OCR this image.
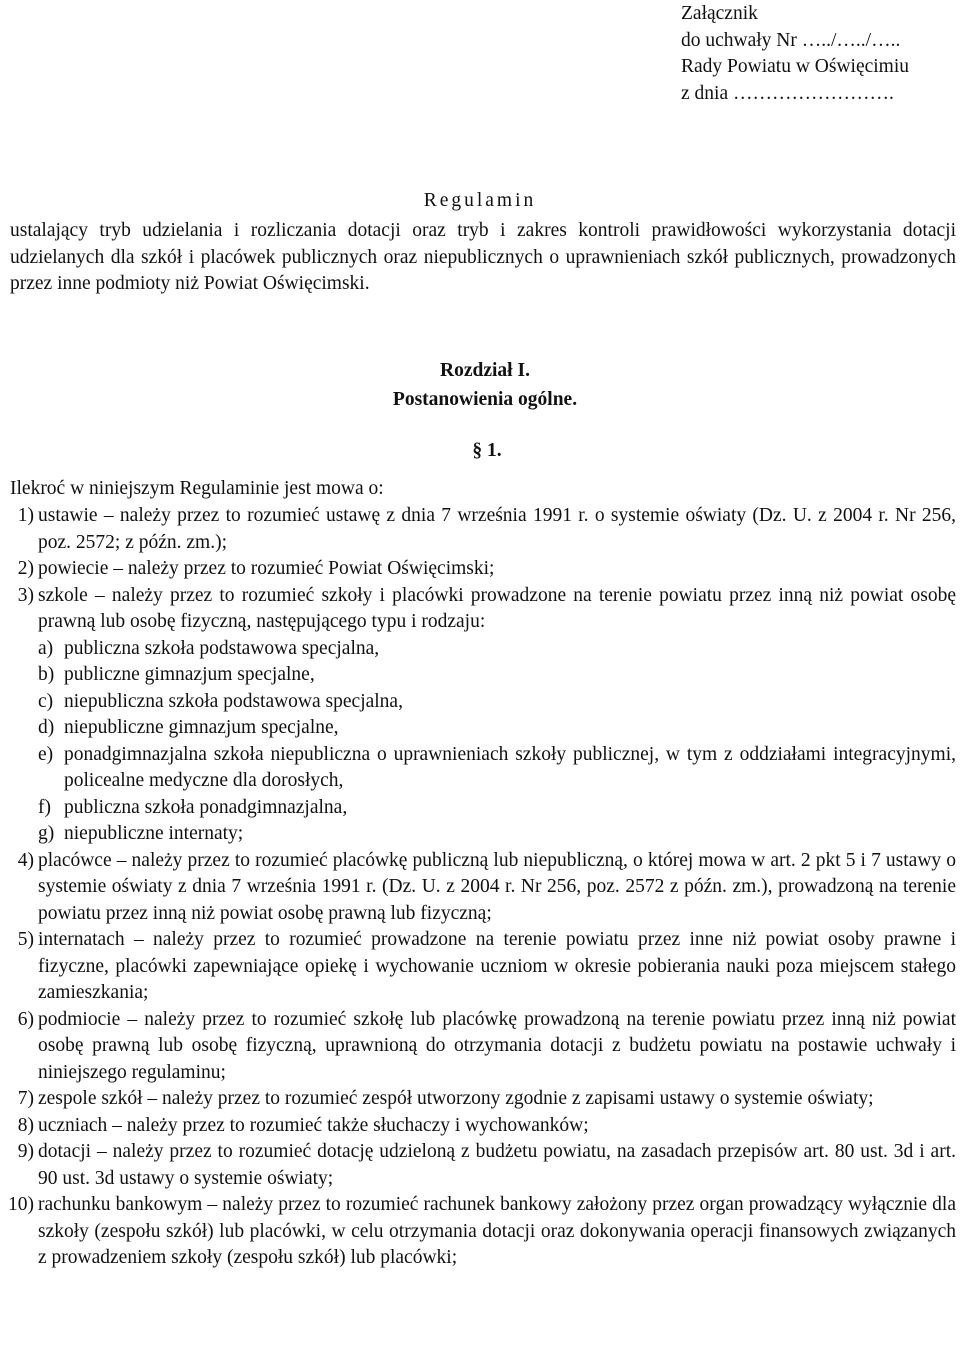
Załącznik
do uchwały Nr …../…../…..
Rady Powiatu w Oświęcimiu
z dnia …………………….
Regulamin
ustalający tryb udzielania i rozliczania dotacji oraz tryb i zakres kontroli prawidłowości wykorzystania dotacji udzielanych dla szkół i placówek publicznych oraz niepublicznych o uprawnieniach szkół publicznych, prowadzonych przez inne podmioty niż Powiat Oświęcimski.
Rozdział I.
Postanowienia ogólne.
§ 1.
Ilekroć w niniejszym Regulaminie jest mowa o:
1) ustawie – należy przez to rozumieć ustawę z dnia 7 września 1991 r. o systemie oświaty (Dz. U. z 2004 r. Nr 256, poz. 2572; z późn. zm.);
2) powiecie – należy przez to rozumieć Powiat Oświęcimski;
3) szkole – należy przez to rozumieć szkoły i placówki prowadzone na terenie powiatu przez inną niż powiat osobę prawną lub osobę fizyczną, następującego typu i rodzaju:
a) publiczna szkoła podstawowa specjalna,
b) publiczne gimnazjum specjalne,
c) niepubliczna szkoła podstawowa specjalna,
d) niepubliczne gimnazjum specjalne,
e) ponadgimnazjalna szkoła niepubliczna o uprawnieniach szkoły publicznej, w tym z oddziałami integracyjnymi, policealne medyczne dla dorosłych,
f) publiczna szkoła ponadgimnazjalna,
g) niepubliczne internaty;
4) placówce – należy przez to rozumieć placówkę publiczną lub niepubliczną, o której mowa w art. 2 pkt 5 i 7 ustawy o systemie oświaty z dnia 7 września 1991 r. (Dz. U. z 2004 r. Nr 256, poz. 2572 z późn. zm.), prowadzoną na terenie powiatu przez inną niż powiat osobę prawną lub fizyczną;
5) internatach – należy przez to rozumieć prowadzone na terenie powiatu przez inne niż powiat osoby prawne i fizyczne, placówki zapewniające opiekę i wychowanie uczniom w okresie pobierania nauki poza miejscem stałego zamieszkania;
6) podmiocie – należy przez to rozumieć szkołę lub placówkę prowadzoną na terenie powiatu przez inną niż powiat osobę prawną lub osobę fizyczną, uprawnioną do otrzymania dotacji z budżetu powiatu na postawie uchwały i niniejszego regulaminu;
7) zespole szkół – należy przez to rozumieć zespół utworzony zgodnie z zapisami ustawy o systemie oświaty;
8) uczniach – należy przez to rozumieć także słuchaczy i wychowanków;
9) dotacji – należy przez to rozumieć dotację udzieloną z budżetu powiatu, na zasadach przepisów art. 80 ust. 3d i art. 90 ust. 3d ustawy o systemie oświaty;
10) rachunku bankowym – należy przez to rozumieć rachunek bankowy założony przez organ prowadzący wyłącznie dla szkoły (zespołu szkół) lub placówki, w celu otrzymania dotacji oraz dokonywania operacji finansowych związanych z prowadzeniem szkoły (zespołu szkół) lub placówki;
